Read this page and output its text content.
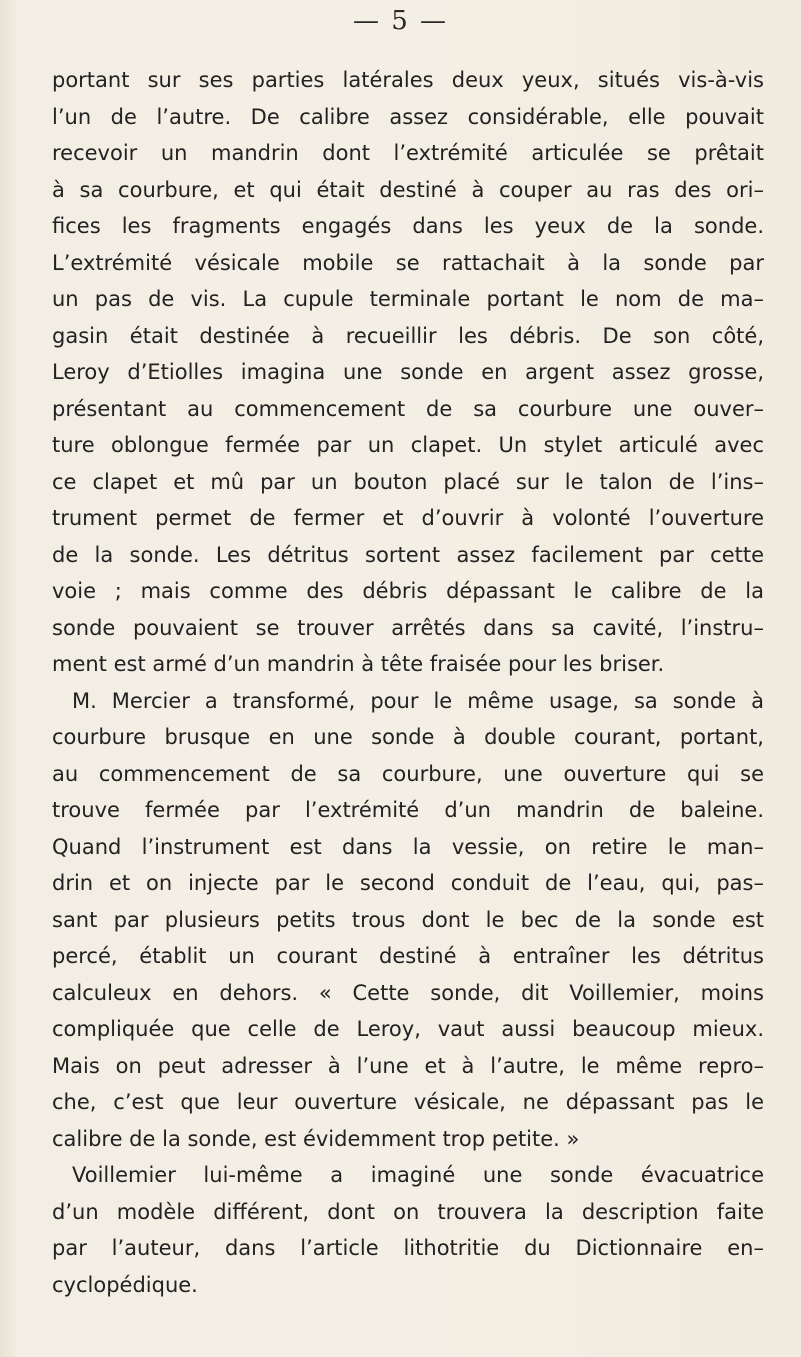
— 5 —
portant sur ses parties latérales deux yeux, situés vis-à-vis
l’un de l’autre. De calibre assez considérable, elle pouvait
recevoir un mandrin dont l’extrémité articulée se prêtait
à sa courbure, et qui était destiné à couper au ras des ori–
fices les fragments engagés dans les yeux de la sonde.
L’extrémité vésicale mobile se rattachait à la sonde par
un pas de vis. La cupule terminale portant le nom de ma–
gasin était destinée à recueillir les débris. De son côté,
Leroy d’Etiolles imagina une sonde en argent assez grosse,
présentant au commencement de sa courbure une ouver–
ture oblongue fermée par un clapet. Un stylet articulé avec
ce clapet et mû par un bouton placé sur le talon de l’ins–
trument permet de fermer et d’ouvrir à volonté l’ouverture
de la sonde. Les détritus sortent assez facilement par cette
voie ; mais comme des débris dépassant le calibre de la
sonde pouvaient se trouver arrêtés dans sa cavité, l’instru–
ment est armé d’un mandrin à tête fraisée pour les briser.
M. Mercier a transformé, pour le même usage, sa sonde à
courbure brusque en une sonde à double courant, portant,
au commencement de sa courbure, une ouverture qui se
trouve fermée par l’extrémité d’un mandrin de baleine.
Quand l’instrument est dans la vessie, on retire le man–
drin et on injecte par le second conduit de l’eau, qui, pas–
sant par plusieurs petits trous dont le bec de la sonde est
percé, établit un courant destiné à entraîner les détritus
calculeux en dehors. « Cette sonde, dit Voillemier, moins
compliquée que celle de Leroy, vaut aussi beaucoup mieux.
Mais on peut adresser à l’une et à l’autre, le même repro–
che, c’est que leur ouverture vésicale, ne dépassant pas le
calibre de la sonde, est évidemment trop petite. »
Voillemier lui-même a imaginé une sonde évacuatrice
d’un modèle différent, dont on trouvera la description faite
par l’auteur, dans l’article lithotritie du Dictionnaire en–
cyclopédique.
